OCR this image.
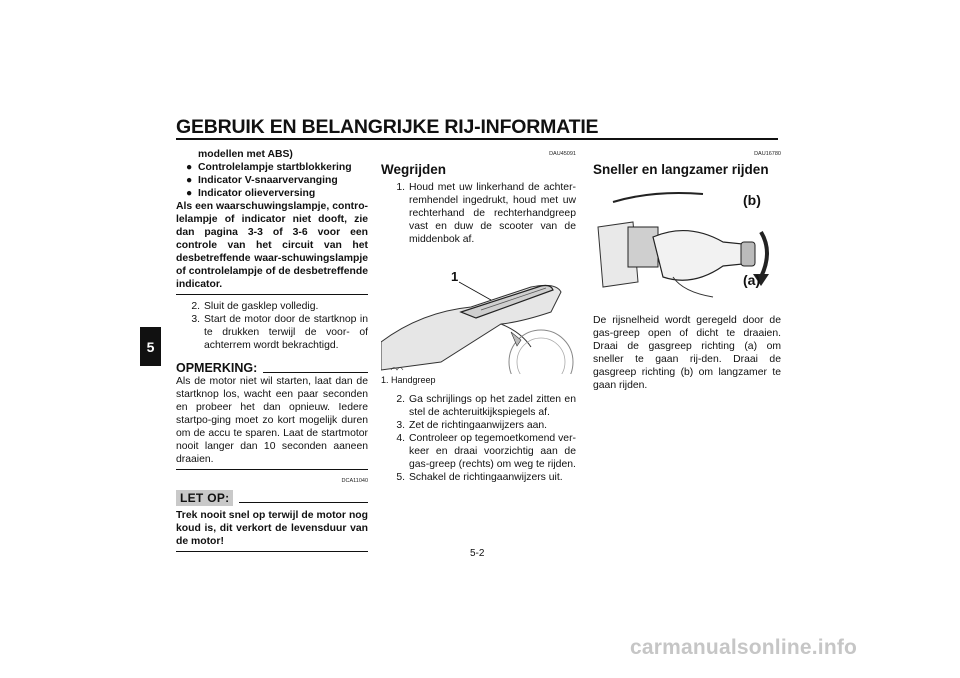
GEBRUIK EN BELANGRIJKE RIJ-INFORMATIE
5
modellen met ABS)
● Controlelampje startblokkering
● Indicator V-snaarvervanging
● Indicator olieverversing
Als een waarschuwingslampje, contro-lelampje of indicator niet dooft, zie dan pagina 3-3 of 3-6 voor een controle van het circuit van het desbetreffende waar-schuwingslampje of controlelampje of de desbetreffende indicator.
2. Sluit de gasklep volledig.
3. Start de motor door de startknop in te drukken terwijl de voor- of achterrem wordt bekrachtigd.
OPMERKING:
Als de motor niet wil starten, laat dan de startknop los, wacht een paar seconden en probeer het dan opnieuw. Iedere startpo-ging moet zo kort mogelijk duren om de accu te sparen. Laat de startmotor nooit langer dan 10 seconden aaneen draaien.
DCA11040
LET OP:
Trek nooit snel op terwijl de motor nog koud is, dit verkort de levensduur van de motor!
DAU45091
Wegrijden
1. Houd met uw linkerhand de achter-remhendel ingedrukt, houd met uw rechterhand de rechterhandgreep vast en duw de scooter van de middenbok af.
1
1. Handgreep
2. Ga schrijlings op het zadel zitten en stel de achteruitkijkspiegels af.
3. Zet de richtingaanwijzers aan.
4. Controleer op tegemoetkomend ver-keer en draai voorzichtig aan de gas-greep (rechts) om weg te rijden.
5. Schakel de richtingaanwijzers uit.
DAU16780
Sneller en langzamer rijden
(b)
(a)
De rijsnelheid wordt geregeld door de gas-greep open of dicht te draaien. Draai de gasgreep richting (a) om sneller te gaan rij-den. Draai de gasgreep richting (b) om langzamer te gaan rijden.
5-2
carmanualsonline.info
